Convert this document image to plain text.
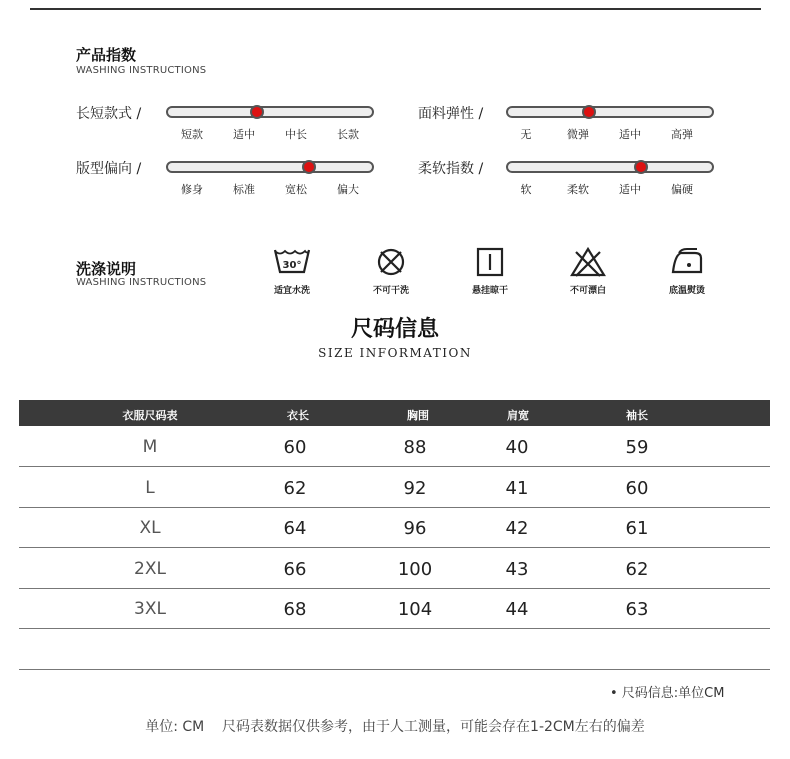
产品指数
WASHING INSTRUCTIONS
长短款式 /
短款	适中	中长	长款
面料弹性 /
无	微弹	适中	高弹
版型偏向 /
修身	标准	宽松	偏大
柔软指数 /
软	柔软	适中	偏硬
洗涤说明
WASHING INSTRUCTIONS
30°
适宜水洗	不可干洗	悬挂晾干	不可漂白	底温熨烫
尺码信息
SIZE INFORMATION
衣服尺码表	衣长	胸围	肩宽	袖长
M	60	88	40	59
L	62	92	41	60
XL	64	96	42	61
2XL	66	100	43	62
3XL	68	104	44	63
• 尺码信息:单位CM
单位: CM    尺码表数据仅供参考，由于人工测量，可能会存在1-2CM左右的偏差
